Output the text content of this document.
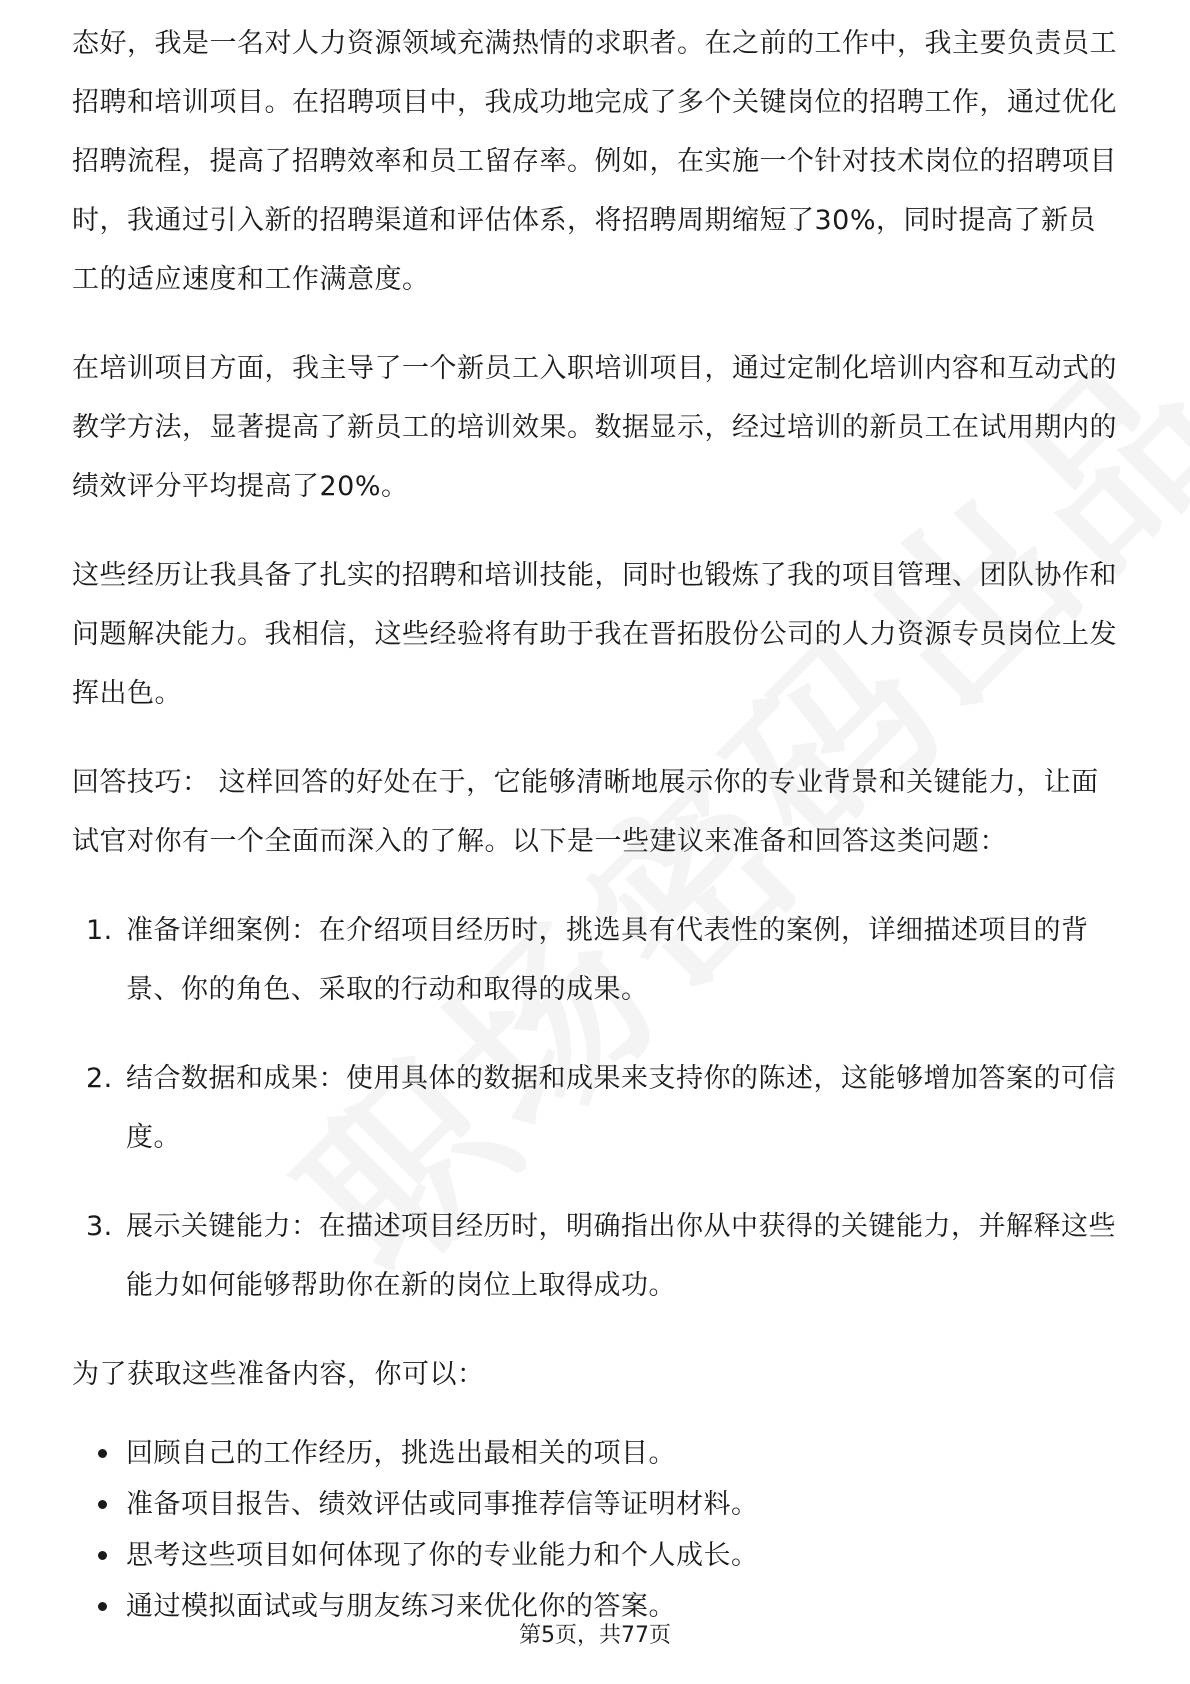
态好，我是一名对人力资源领域充满热情的求职者。在之前的工作中，我主要负责员工招聘和培训项目。在招聘项目中，我成功地完成了多个关键岗位的招聘工作，通过优化招聘流程，提高了招聘效率和员工留存率。例如，在实施一个针对技术岗位的招聘项目时，我通过引入新的招聘渠道和评估体系，将招聘周期缩短了30%，同时提高了新员工的适应速度和工作满意度。

在培训项目方面，我主导了一个新员工入职培训项目，通过定制化培训内容和互动式的教学方法，显著提高了新员工的培训效果。数据显示，经过培训的新员工在试用期内的绩效评分平均提高了20%。

这些经历让我具备了扎实的招聘和培训技能，同时也锻炼了我的项目管理、团队协作和问题解决能力。我相信，这些经验将有助于我在晋拓股份公司的人力资源专员岗位上发挥出色。

回答技巧： 这样回答的好处在于，它能够清晰地展示你的专业背景和关键能力，让面试官对你有一个全面而深入的了解。以下是一些建议来准备和回答这类问题：

1. 准备详细案例：在介绍项目经历时，挑选具有代表性的案例，详细描述项目的背景、你的角色、采取的行动和取得的成果。
2. 结合数据和成果：使用具体的数据和成果来支持你的陈述，这能够增加答案的可信度。
3. 展示关键能力：在描述项目经历时，明确指出你从中获得的关键能力，并解释这些能力如何能够帮助你在新的岗位上取得成功。

为了获取这些准备内容，你可以：

回顾自己的工作经历，挑选出最相关的项目。
准备项目报告、绩效评估或同事推荐信等证明材料。
思考这些项目如何体现了你的专业能力和个人成长。
通过模拟面试或与朋友练习来优化你的答案。
第5页，共77页
